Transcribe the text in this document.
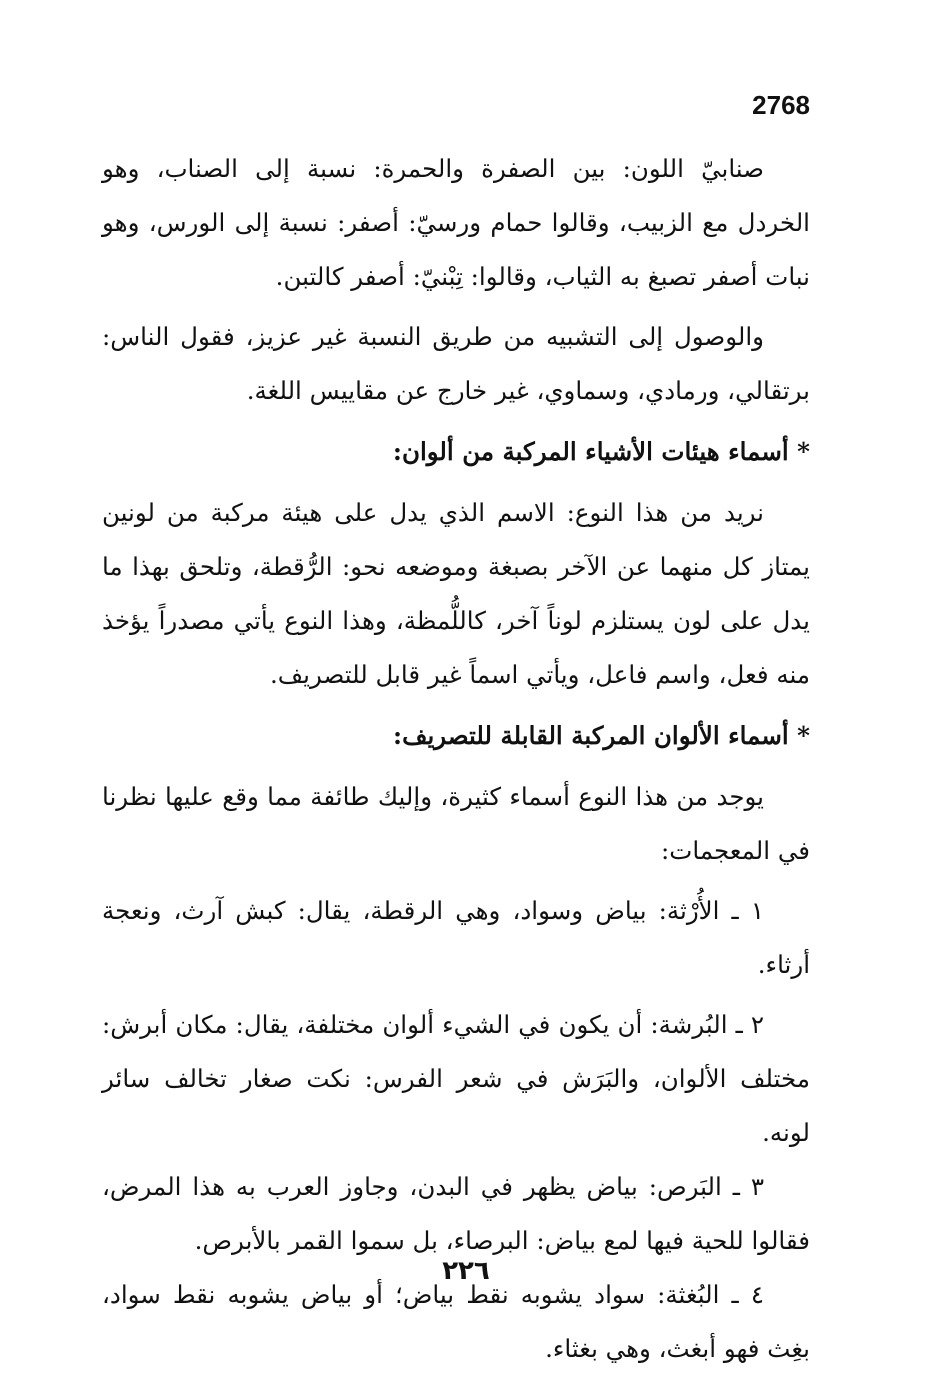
2768

صنابيّ اللون: بين الصفرة والحمرة: نسبة إلى الصناب، وهو الخردل مع الزبيب، وقالوا حمام ورسيّ: أصفر: نسبة إلى الورس، وهو نبات أصفر تصبغ به الثياب، وقالوا: تِبْنيّ: أصفر كالتبن.

والوصول إلى التشبيه من طريق النسبة غير عزيز، فقول الناس: برتقالي، ورمادي، وسماوي، غير خارج عن مقاييس اللغة.

* أسماء هيئات الأشياء المركبة من ألوان:

نريد من هذا النوع: الاسم الذي يدل على هيئة مركبة من لونين يمتاز كل منهما عن الآخر بصبغة وموضعه نحو: الرُّقطة، وتلحق بهذا ما يدل على لون يستلزم لوناً آخر، كاللُّمظة، وهذا النوع يأتي مصدراً يؤخذ منه فعل، واسم فاعل، ويأتي اسماً غير قابل للتصريف.

* أسماء الألوان المركبة القابلة للتصريف:

يوجد من هذا النوع أسماء كثيرة، وإليك طائفة مما وقع عليها نظرنا في المعجمات:

١ ـ الأُرْثة: بياض وسواد، وهي الرقطة، يقال: كبش آرث، ونعجة أرثاء.

٢ ـ البُرشة: أن يكون في الشيء ألوان مختلفة، يقال: مكان أبرش: مختلف الألوان، والبَرَش في شعر الفرس: نكت صغار تخالف سائر لونه.

٣ ـ البَرص: بياض يظهر في البدن، وجاوز العرب به هذا المرض، فقالوا للحية فيها لمع بياض: البرصاء، بل سموا القمر بالأبرص.

٤ ـ البُغثة: سواد يشوبه نقط بياض؛ أو بياض يشوبه نقط سواد، بغِث فهو أبغث، وهي بغثاء.

٢٢٦
